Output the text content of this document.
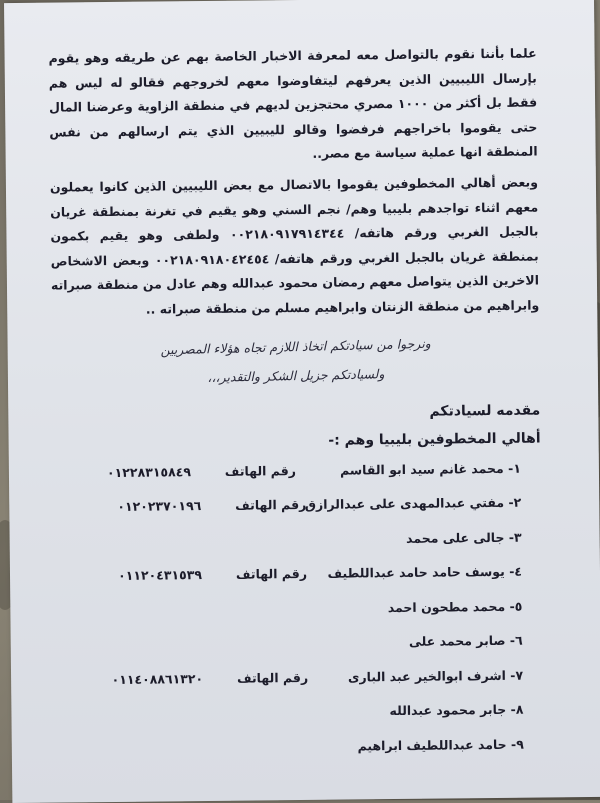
علما بأننا نقوم بالتواصل معه لمعرفة الاخبار الخاصة بهم عن طريقه وهو يقوم بإرسال الليبيين الذين يعرفهم ليتفاوضوا معهم لخروجهم فقالو له ليس هم فقط بل أكثر من ١٠٠٠ مصري محتجزين لديهم في منطقة الزاوية وعرضنا المال حتى يقوموا باخراجهم فرفضوا وقالو لليبيين الذي يتم ارسالهم من نفس المنطقة انها عملية سياسة مع مصر..

وبعض أهالي المخطوفين يقوموا بالاتصال مع بعض الليبيين الذين كانوا يعملون معهم اثناء تواجدهم بليبيا وهم/ نجم السني وهو يقيم في تغرنة بمنطقة غريان بالجبل الغربي ورقم هاتفه/ ٠٠٢١٨٠٩١٧٩١٤٣٤٤ ولطفى وهو يقيم بكمون بمنطقة غريان بالجبل الغربي ورقم هاتفه/ ٠٠٢١٨٠٩١٨٠٤٢٤٥٤ وبعض الاشخاص الاخرين الذين يتواصل معهم رمضان محمود عبدالله وهم عادل من منطقة صبراته وابراهيم من منطقة الزنتان وابراهيم مسلم من منطقة صبراته ..

ونرجوا من سيادتكم اتخاذ اللازم تجاه هؤلاء المصريين

ولسيادتكم جزيل الشكر والتقدير،،،

مقدمه لسيادتكم

أهالي المخطوفين بليبيا وهم :-

١- محمد غانم سيد ابو القاسم
رقم الهاتف
٠١٢٢٨٣١٥٨٤٩
٢- مفتي عبدالمهدى على عبدالرازق
رقم الهاتف
٠١٢٠٢٣٧٠١٩٦
٣- جالى على محمد
٤- يوسف حامد حامد عبداللطيف
رقم الهاتف
٠١١٢٠٤٣١٥٣٩
٥- محمد مطحون احمد
٦- صابر محمد على
٧- اشرف ابوالخير عبد البارى
رقم الهاتف
٠١١٤٠٨٨٦١٣٢٠
٨- جابر محمود عبدالله
٩- حامد عبداللطيف ابراهيم
